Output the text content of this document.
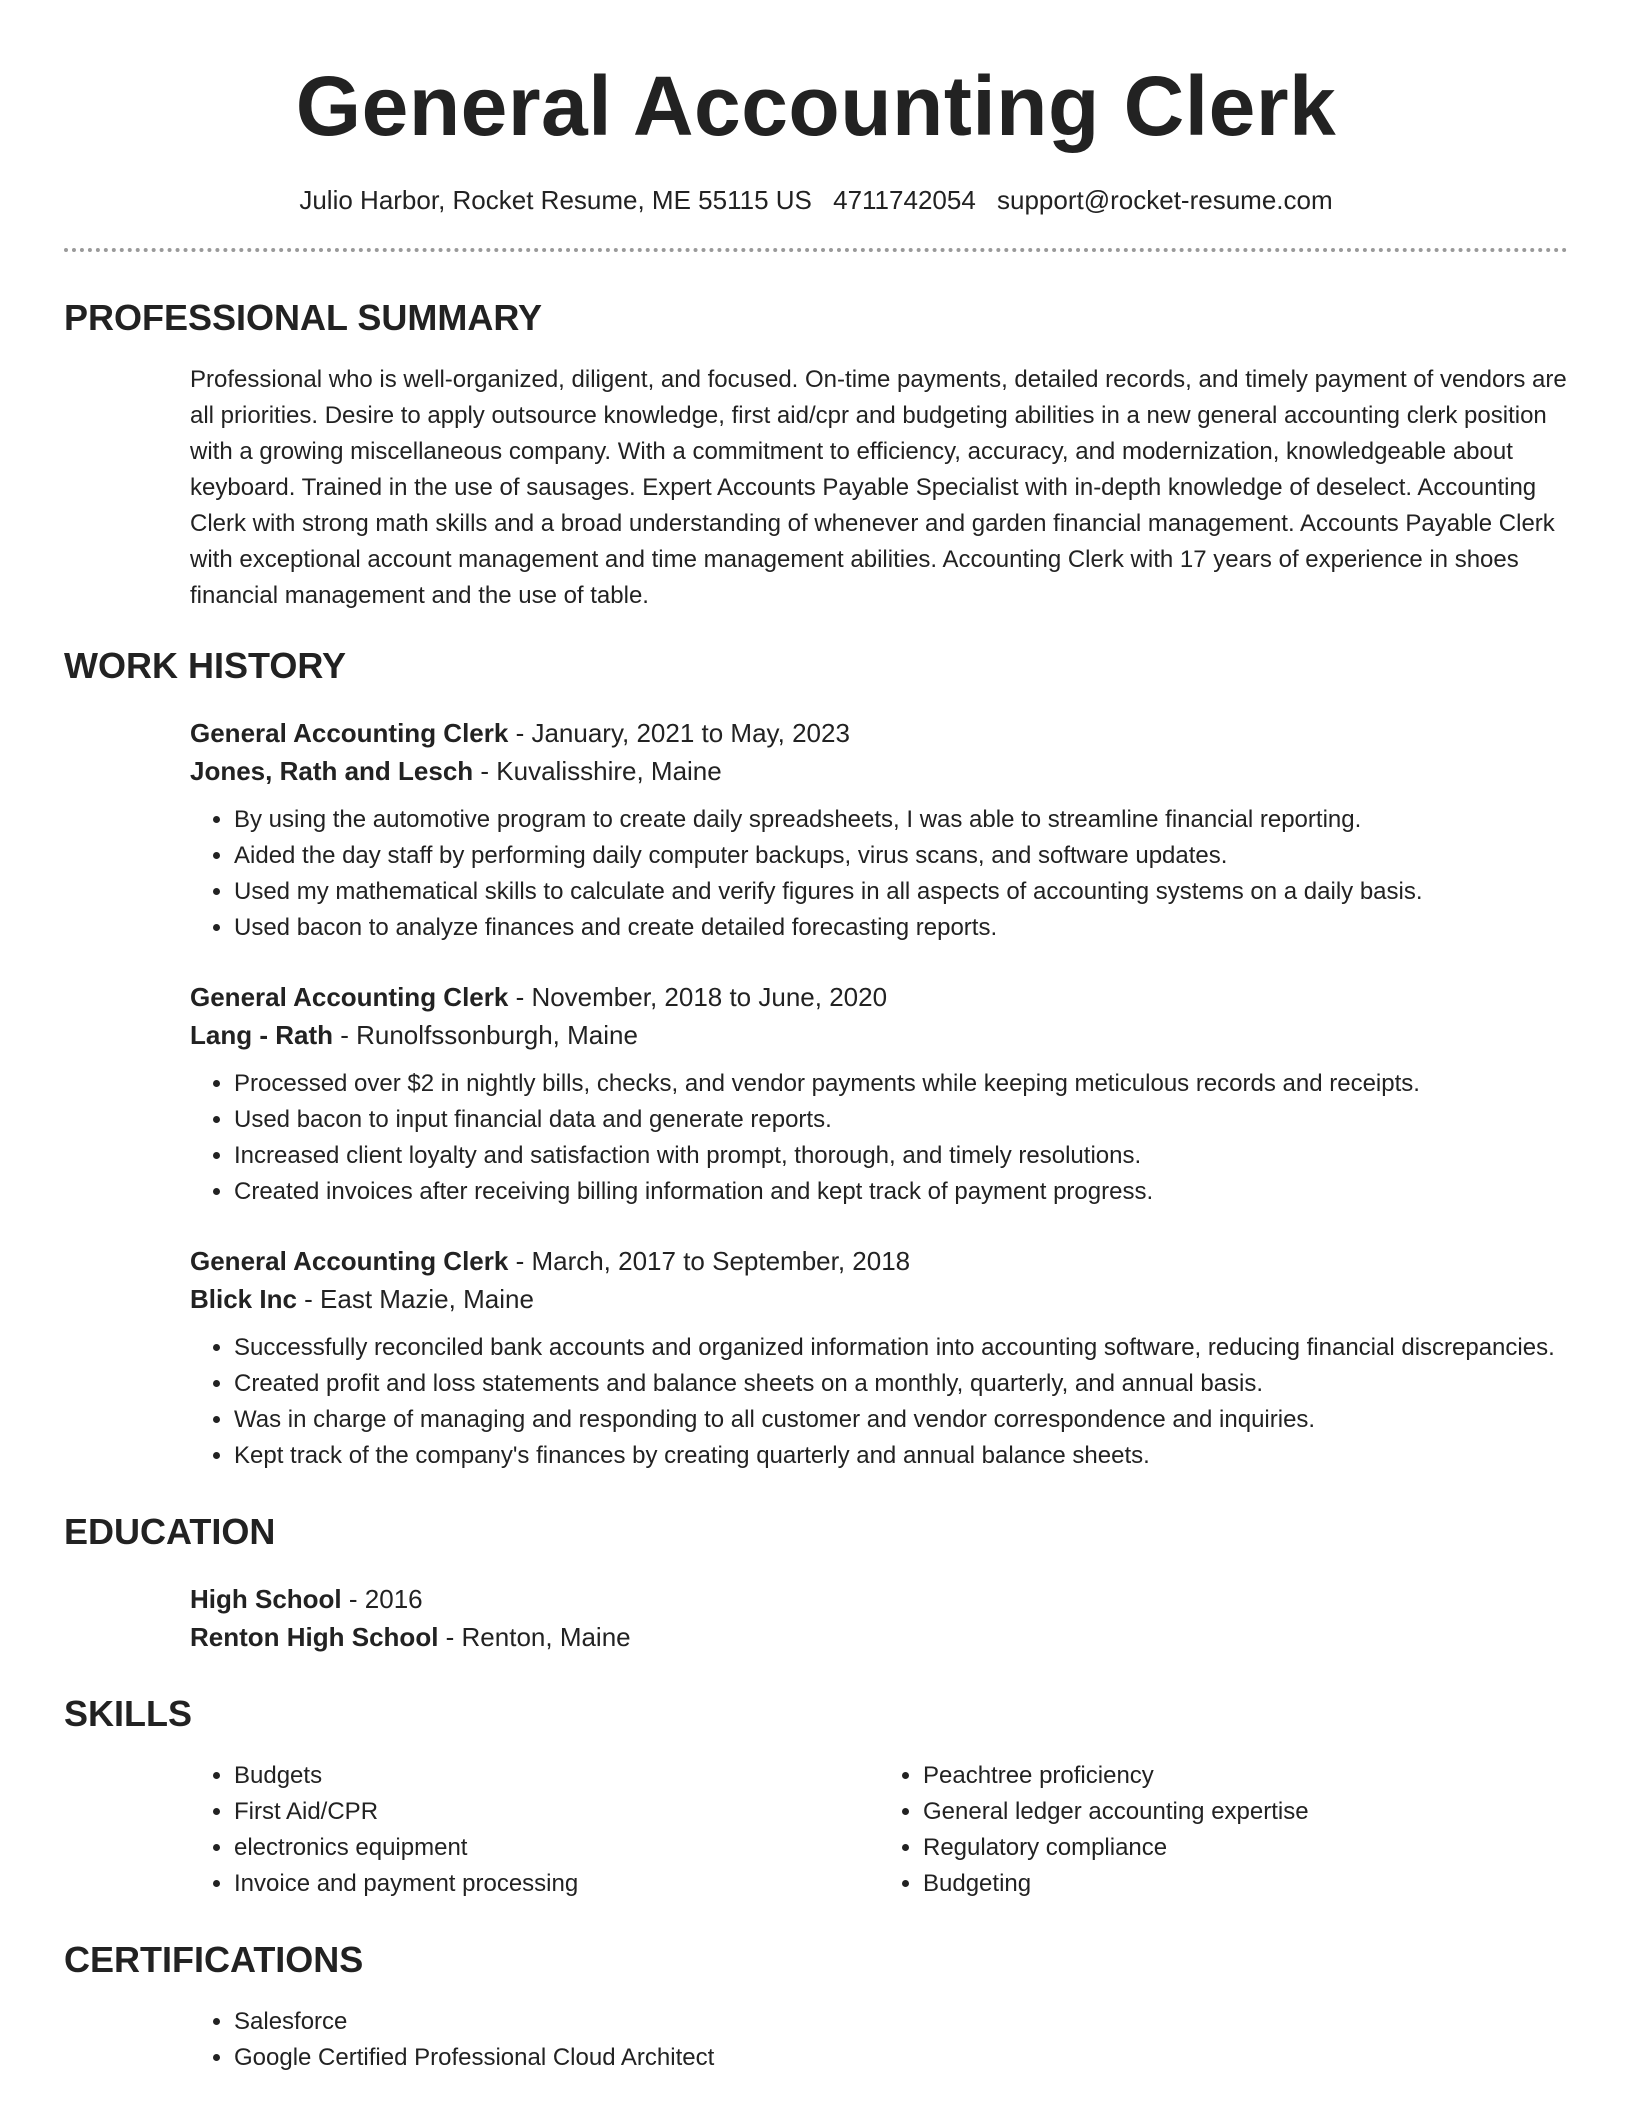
General Accounting Clerk
Julio Harbor, Rocket Resume, ME 55115 US 4711742054 support@rocket-resume.com
PROFESSIONAL SUMMARY
Professional who is well-organized, diligent, and focused. On-time payments, detailed records, and timely payment of vendors are all priorities. Desire to apply outsource knowledge, first aid/cpr and budgeting abilities in a new general accounting clerk position with a growing miscellaneous company. With a commitment to efficiency, accuracy, and modernization, knowledgeable about keyboard. Trained in the use of sausages. Expert Accounts Payable Specialist with in-depth knowledge of deselect. Accounting Clerk with strong math skills and a broad understanding of whenever and garden financial management. Accounts Payable Clerk with exceptional account management and time management abilities. Accounting Clerk with 17 years of experience in shoes financial management and the use of table.
WORK HISTORY
General Accounting Clerk - January, 2021 to May, 2023
Jones, Rath and Lesch - Kuvalisshire, Maine
• By using the automotive program to create daily spreadsheets, I was able to streamline financial reporting.
• Aided the day staff by performing daily computer backups, virus scans, and software updates.
• Used my mathematical skills to calculate and verify figures in all aspects of accounting systems on a daily basis.
• Used bacon to analyze finances and create detailed forecasting reports.
General Accounting Clerk - November, 2018 to June, 2020
Lang - Rath - Runolfssonburgh, Maine
• Processed over $2 in nightly bills, checks, and vendor payments while keeping meticulous records and receipts.
• Used bacon to input financial data and generate reports.
• Increased client loyalty and satisfaction with prompt, thorough, and timely resolutions.
• Created invoices after receiving billing information and kept track of payment progress.
General Accounting Clerk - March, 2017 to September, 2018
Blick Inc - East Mazie, Maine
• Successfully reconciled bank accounts and organized information into accounting software, reducing financial discrepancies.
• Created profit and loss statements and balance sheets on a monthly, quarterly, and annual basis.
• Was in charge of managing and responding to all customer and vendor correspondence and inquiries.
• Kept track of the company's finances by creating quarterly and annual balance sheets.
EDUCATION
High School - 2016
Renton High School - Renton, Maine
SKILLS
• Budgets
• First Aid/CPR
• electronics equipment
• Invoice and payment processing
• Peachtree proficiency
• General ledger accounting expertise
• Regulatory compliance
• Budgeting
CERTIFICATIONS
• Salesforce
• Google Certified Professional Cloud Architect
